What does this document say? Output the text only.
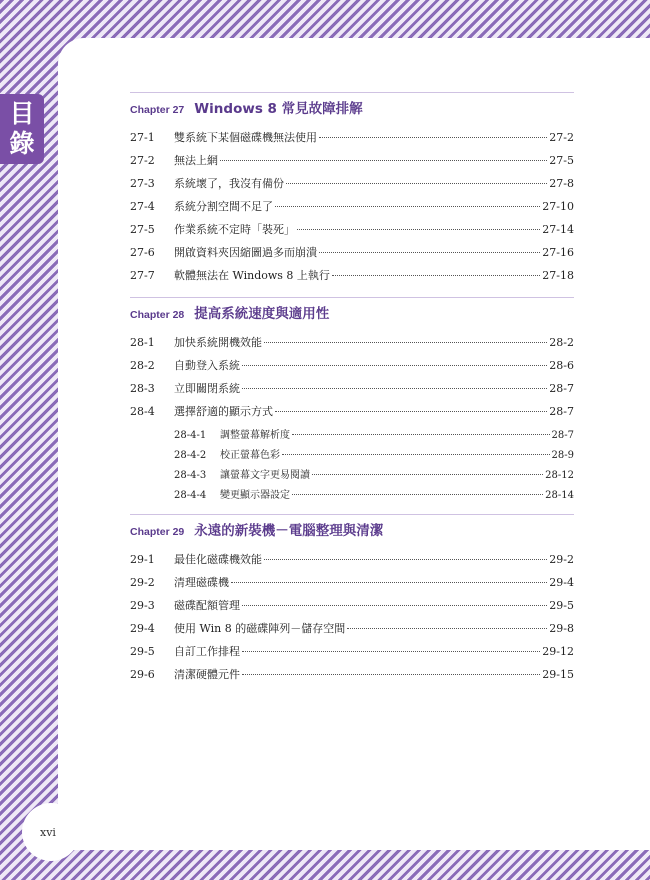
目
錄
xvi
Chapter 27 Windows 8 常見故障排解
27-1	雙系統下某個磁碟機無法使用	27-2
27-2	無法上網	27-5
27-3	系統壞了，我沒有備份	27-8
27-4	系統分割空間不足了	27-10
27-5	作業系統不定時「裝死」	27-14
27-6	開啟資料夾因縮圖過多而崩潰	27-16
27-7	軟體無法在 Windows 8 上執行	27-18
Chapter 28 提高系統速度與適用性
28-1	加快系統開機效能	28-2
28-2	自動登入系統	28-6
28-3	立即關閉系統	28-7
28-4	選擇舒適的顯示方式	28-7
28-4-1	調整螢幕解析度	28-7
28-4-2	校正螢幕色彩	28-9
28-4-3	讓螢幕文字更易閱讀	28-12
28-4-4	變更顯示器設定	28-14
Chapter 29 永遠的新裝機－電腦整理與清潔
29-1	最佳化磁碟機效能	29-2
29-2	清理磁碟機	29-4
29-3	磁碟配額管理	29-5
29-4	使用 Win 8 的磁碟陣列－儲存空間	29-8
29-5	自訂工作排程	29-12
29-6	清潔硬體元件	29-15
